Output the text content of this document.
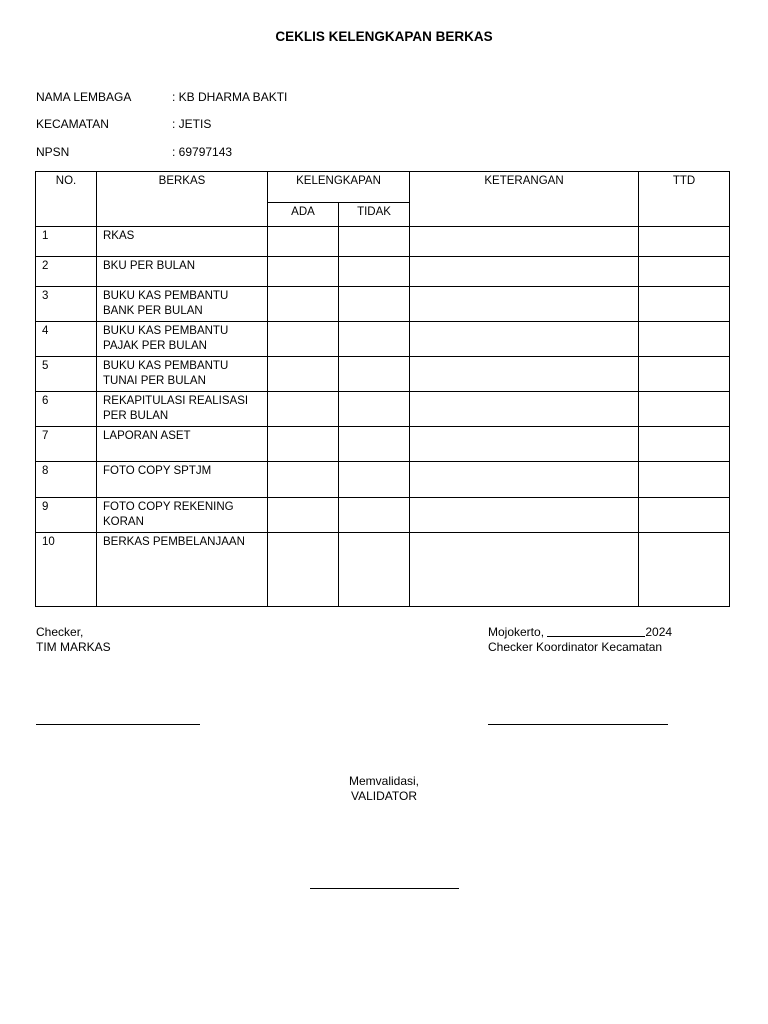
CEKLIS KELENGKAPAN BERKAS
NAMA LEMBAGA	: KB DHARMA BAKTI
KECAMATAN	: JETIS
NPSN	: 69797143
NO.	BERKAS	KELENGKAPAN		KETERANGAN	TTD
		ADA	TIDAK		
1	RKAS				

2	BKU PER BULAN				

3	BUKU KAS PEMBANTU
BANK PER BULAN				

4	BUKU KAS PEMBANTU
PAJAK PER BULAN				

5	BUKU KAS PEMBANTU
TUNAI PER BULAN				

6	REKAPITULASI REALISASI
PER BULAN				

7	LAPORAN ASET				

8	FOTO COPY SPTJM				

9	FOTO COPY REKENING
KORAN				

10	BERKAS PEMBELANJAAN				

Checker,
TIM MARKAS
Mojokerto,	2024
Checker Koordinator Kecamatan
Memvalidasi,
VALIDATOR
